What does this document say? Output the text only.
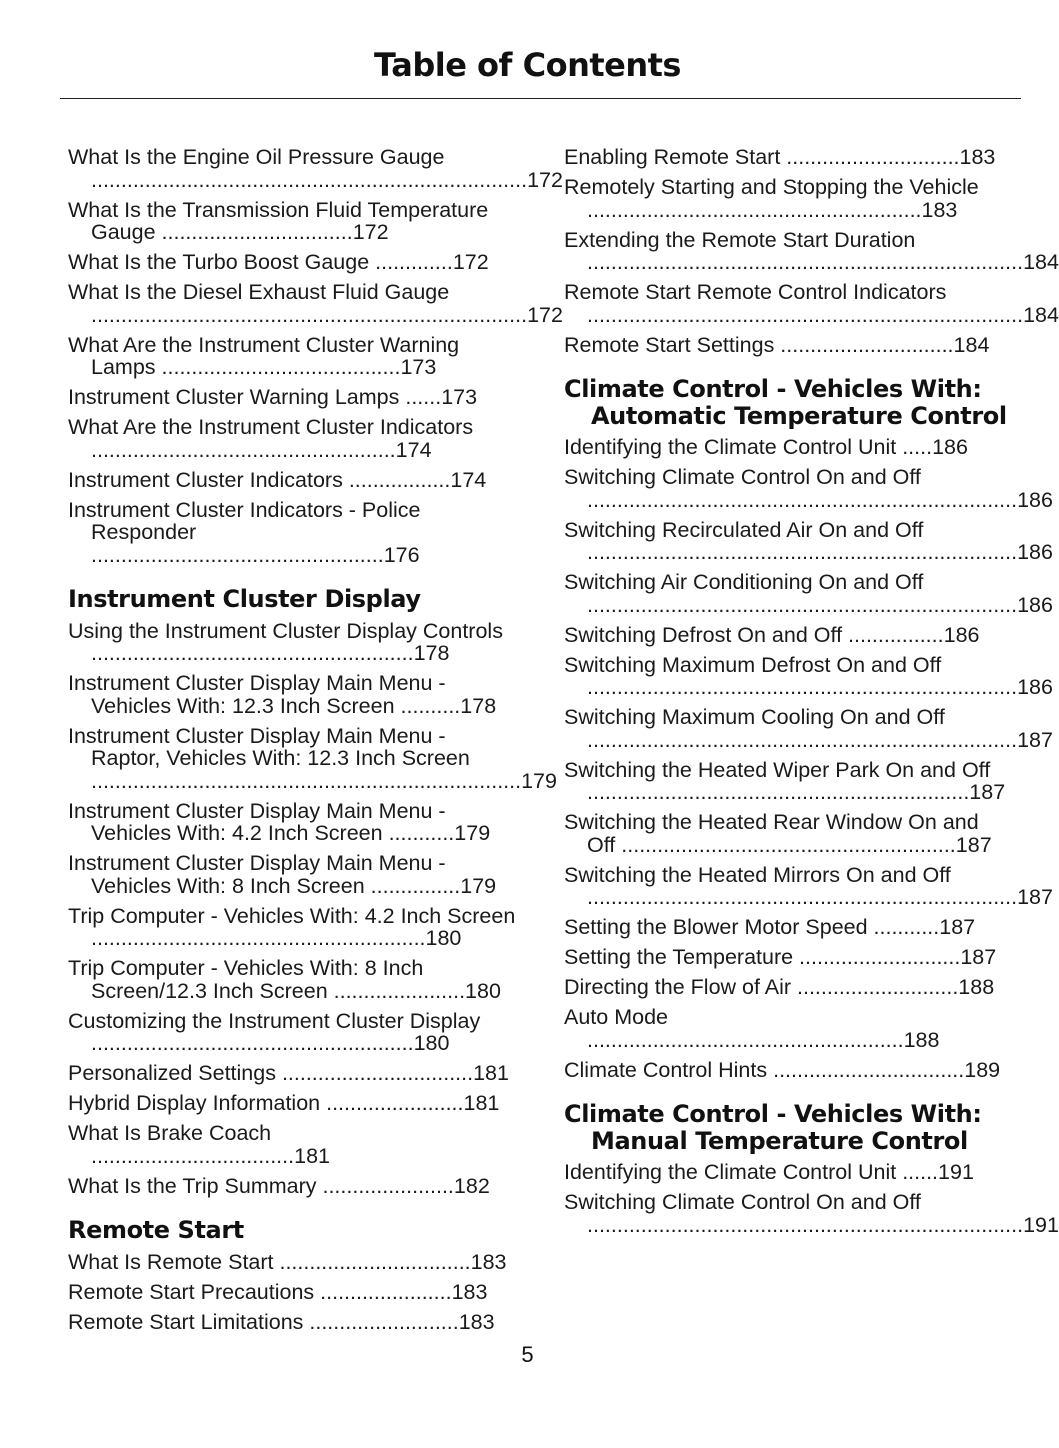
Table of Contents
What Is the Engine Oil Pressure Gauge  .........................................................................172
What Is the Transmission Fluid Temperature Gauge ................................172
What Is the Turbo Boost Gauge .............172
What Is the Diesel Exhaust Fluid Gauge  .........................................................................172
What Are the Instrument Cluster Warning Lamps ........................................173
Instrument Cluster Warning Lamps ......173
What Are the Instrument Cluster Indicators ...................................................174
Instrument Cluster Indicators .................174
Instrument Cluster Indicators - Police Responder .................................................176
Instrument Cluster Display
Using the Instrument Cluster Display Controls ......................................................178
Instrument Cluster Display Main Menu - Vehicles With: 12.3 Inch Screen ..........178
Instrument Cluster Display Main Menu - Raptor, Vehicles With: 12.3 Inch Screen  ........................................................................179
Instrument Cluster Display Main Menu - Vehicles With: 4.2 Inch Screen ...........179
Instrument Cluster Display Main Menu - Vehicles With: 8 Inch Screen ...............179
Trip Computer - Vehicles With: 4.2 Inch Screen ........................................................180
Trip Computer - Vehicles With: 8 Inch Screen/12.3 Inch Screen ......................180
Customizing the Instrument Cluster Display ......................................................180
Personalized Settings ................................181
Hybrid Display Information .......................181
What Is Brake Coach ..................................181
What Is the Trip Summary ......................182
Remote Start
What Is Remote Start ................................183
Remote Start Precautions ......................183
Remote Start Limitations .........................183
Enabling Remote Start .............................183
Remotely Starting and Stopping the Vehicle ........................................................183
Extending the Remote Start Duration  .........................................................................184
Remote Start Remote Control Indicators  .........................................................................184
Remote Start Settings .............................184
Climate Control - Vehicles With: Automatic Temperature Control
Identifying the Climate Control Unit .....186
Switching Climate Control On and Off  ........................................................................186
Switching Recirculated Air On and Off  ........................................................................186
Switching Air Conditioning On and Off  ........................................................................186
Switching Defrost On and Off ................186
Switching Maximum Defrost On and Off  ........................................................................186
Switching Maximum Cooling On and Off  ........................................................................187
Switching the Heated Wiper Park On and Off ................................................................187
Switching the Heated Rear Window On and Off ........................................................187
Switching the Heated Mirrors On and Off  ........................................................................187
Setting the Blower Motor Speed ...........187
Setting the Temperature ...........................187
Directing the Flow of Air ...........................188
Auto Mode .....................................................188
Climate Control Hints ................................189
Climate Control - Vehicles With: Manual Temperature Control
Identifying the Climate Control Unit ......191
Switching Climate Control On and Off  .........................................................................191
5
